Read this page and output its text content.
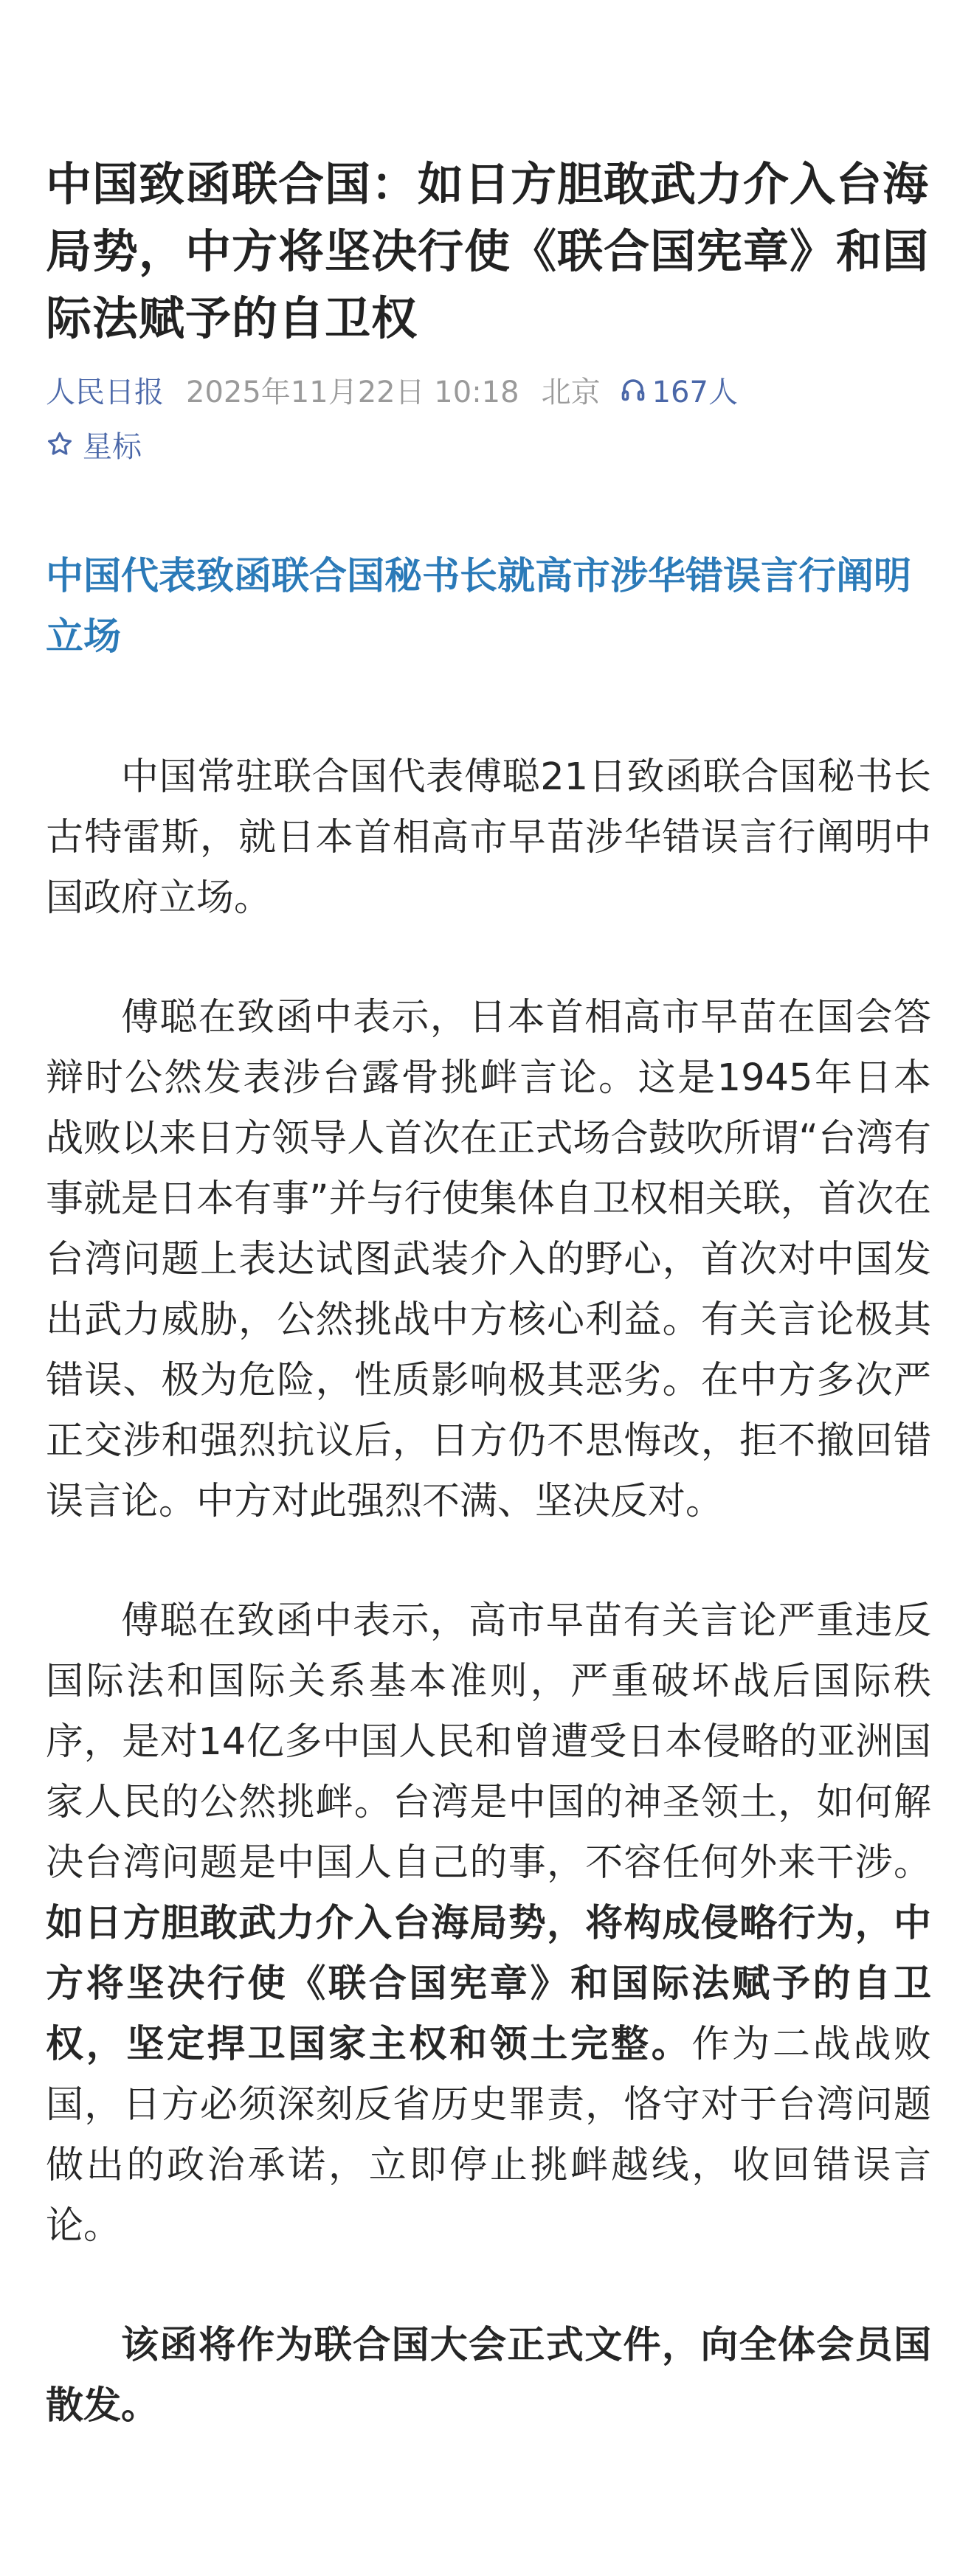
中国致函联合国：如日方胆敢武力介入台海局势，中方将坚决行使《联合国宪章》和国际法赋予的自卫权
人民日报 2025年11月22日 10:18 北京 167人
星标
中国代表致函联合国秘书长就高市涉华错误言行阐明立场

中国常驻联合国代表傅聪21日致函联合国秘书长古特雷斯，就日本首相高市早苗涉华错误言行阐明中国政府立场。

傅聪在致函中表示，日本首相高市早苗在国会答辩时公然发表涉台露骨挑衅言论。这是1945年日本战败以来日方领导人首次在正式场合鼓吹所谓“台湾有事就是日本有事”并与行使集体自卫权相关联，首次在台湾问题上表达试图武装介入的野心，首次对中国发出武力威胁，公然挑战中方核心利益。有关言论极其错误、极为危险，性质影响极其恶劣。在中方多次严正交涉和强烈抗议后，日方仍不思悔改，拒不撤回错误言论。中方对此强烈不满、坚决反对。

傅聪在致函中表示，高市早苗有关言论严重违反国际法和国际关系基本准则，严重破坏战后国际秩序，是对14亿多中国人民和曾遭受日本侵略的亚洲国家人民的公然挑衅。台湾是中国的神圣领土，如何解决台湾问题是中国人自己的事，不容任何外来干涉。如日方胆敢武力介入台海局势，将构成侵略行为，中方将坚决行使《联合国宪章》和国际法赋予的自卫权，坚定捍卫国家主权和领土完整。作为二战战败国，日方必须深刻反省历史罪责，恪守对于台湾问题做出的政治承诺，立即停止挑衅越线，收回错误言论。

该函将作为联合国大会正式文件，向全体会员国散发。
